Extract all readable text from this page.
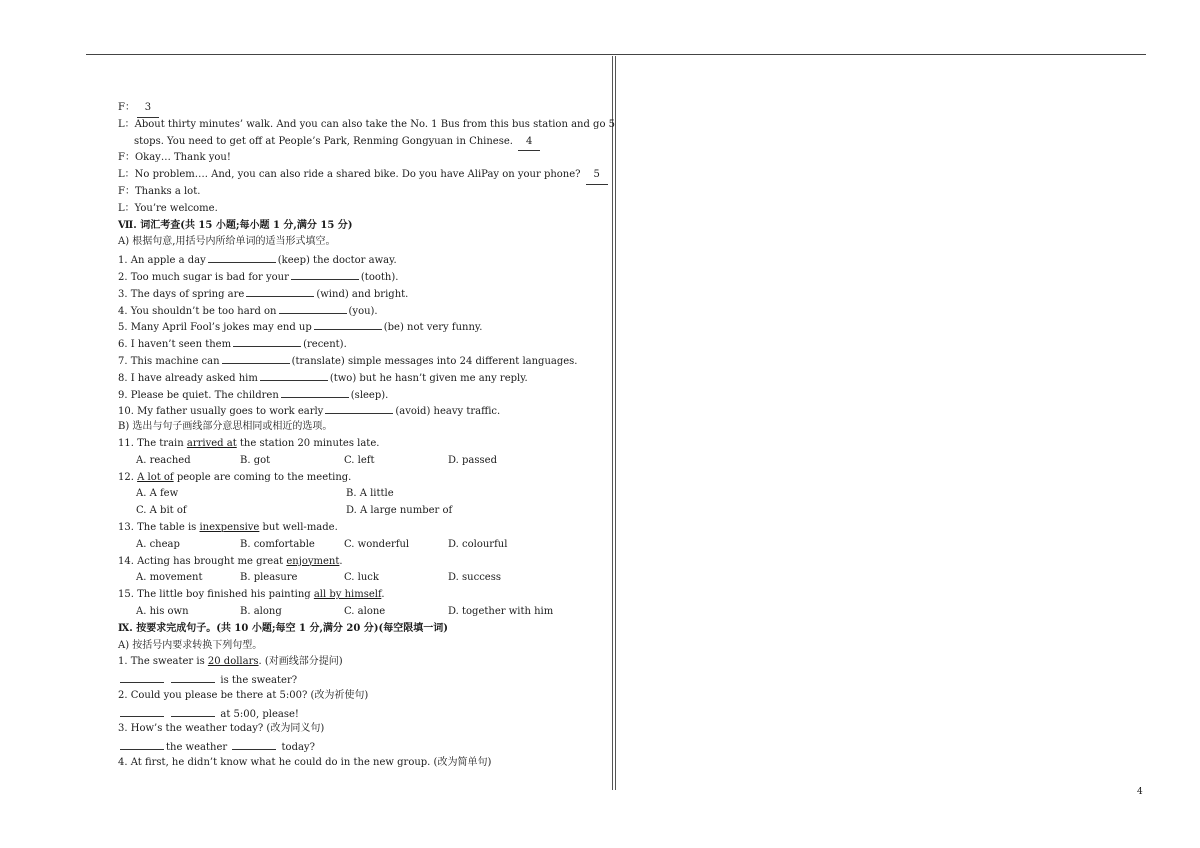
F： 3
L：About thirty minutes’ walk. And you can also take the No. 1 Bus from this bus station and go 5
stops. You need to get off at People’s Park, Renming Gongyuan in Chinese. 4
F：Okay… Thank you!
L：No problem…. And, you can also ride a shared bike. Do you have AliPay on your phone? 5
F：Thanks a lot.
L：You’re welcome.
Ⅶ. 词汇考查(共 15 小题;每小题 1 分,满分 15 分)
A) 根据句意,用括号内所给单词的适当形式填空。
1. An apple a day	(keep) the doctor away.
2. Too much sugar is bad for your	(tooth).
3. The days of spring are	(wind) and bright.
4. You shouldn’t be too hard on	(you).
5. Many April Fool’s jokes may end up	(be) not very funny.
6. I haven’t seen them	(recent).
7. This machine can	(translate) simple messages into 24 different languages.
8. I have already asked him	(two) but he hasn’t given me any reply.
9. Please be quiet. The children	(sleep).
10. My father usually goes to work early	(avoid) heavy traffic.
B) 选出与句子画线部分意思相同或相近的选项。
11. The train arrived at the station 20 minutes late.
A. reached	B. got	C. left	D. passed
12. A lot of people are coming to the meeting.
A. A few	B. A little
C. A bit of	D. A large number of
13. The table is inexpensive but well-made.
A. cheap	B. comfortable	C. wonderful	D. colourful
14. Acting has brought me great enjoyment.
A. movement	B. pleasure	C. luck	D. success
15. The little boy finished his painting all by himself.
A. his own	B. along	C. alone	D. together with him
Ⅸ. 按要求完成句子。(共 10 小题;每空 1 分,满分 20 分)(每空限填一词)
A) 按括号内要求转换下列句型。
1. The sweater is 20 dollars. (对画线部分提问)
is the sweater?
2. Could you please be there at 5:00? (改为祈使句)
at 5:00, please!
3. How’s the weather today? (改为同义句)
the weather	today?
4. At first, he didn’t know what he could do in the new group. (改为简单句)
4
